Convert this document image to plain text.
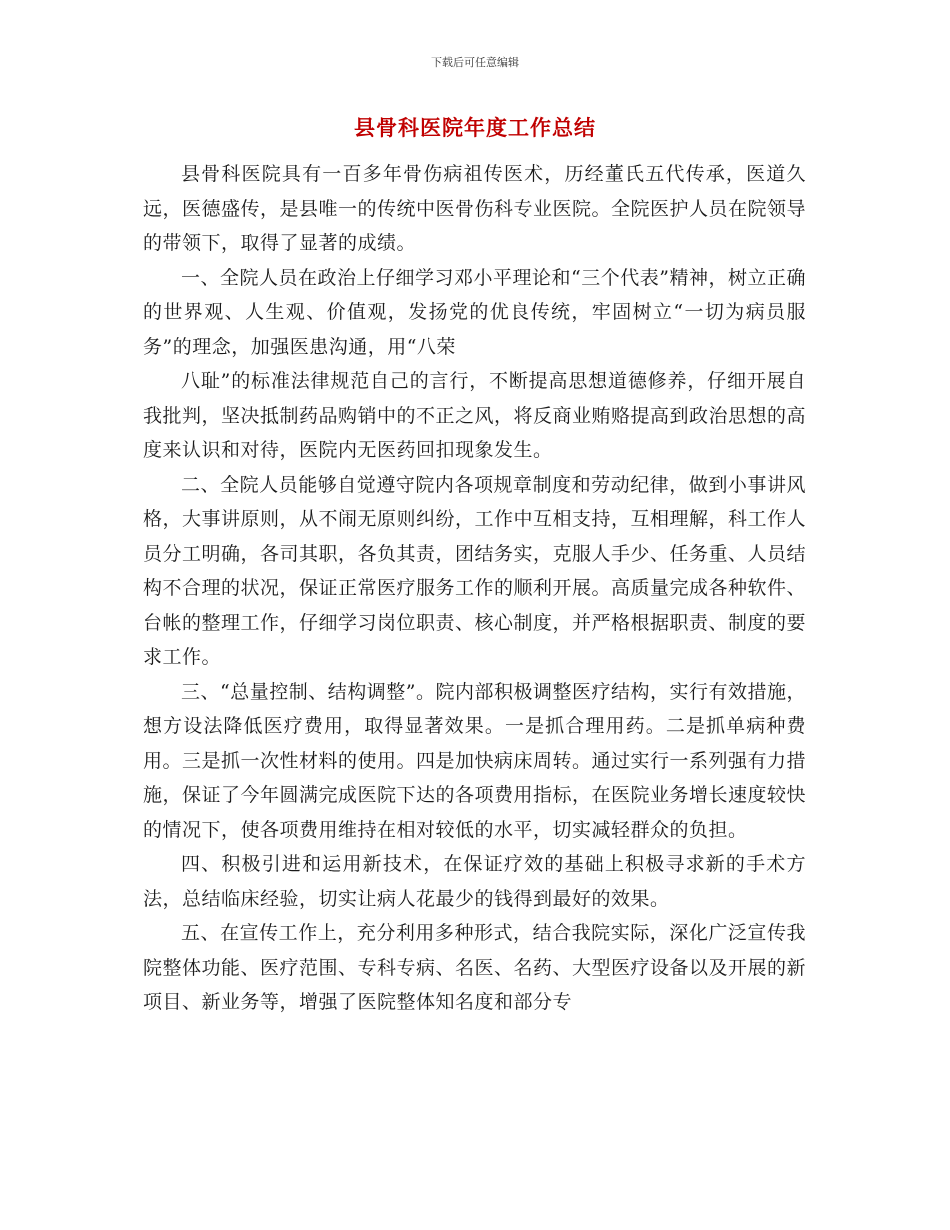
下载后可任意编辑
县骨科医院年度工作总结

县骨科医院具有一百多年骨伤病祖传医术，历经董氏五代传承，医道久远，医德盛传，是县唯一的传统中医骨伤科专业医院。全院医护人员在院领导的带领下，取得了显著的成绩。

一、全院人员在政治上仔细学习邓小平理论和“三个代表”精神，树立正确的世界观、人生观、价值观，发扬党的优良传统，牢固树立“一切为病员服务”的理念，加强医患沟通，用“八荣

八耻”的标准法律规范自己的言行，不断提高思想道德修养，仔细开展自我批判，坚决抵制药品购销中的不正之风，将反商业贿赂提高到政治思想的高度来认识和对待，医院内无医药回扣现象发生。

二、全院人员能够自觉遵守院内各项规章制度和劳动纪律，做到小事讲风格，大事讲原则，从不闹无原则纠纷，工作中互相支持，互相理解，科工作人员分工明确，各司其职，各负其责，团结务实，克服人手少、任务重、人员结构不合理的状况，保证正常医疗服务工作的顺利开展。高质量完成各种软件、台帐的整理工作，仔细学习岗位职责、核心制度，并严格根据职责、制度的要求工作。

三、“总量控制、结构调整”。院内部积极调整医疗结构，实行有效措施，想方设法降低医疗费用，取得显著效果。一是抓合理用药。二是抓单病种费用。三是抓一次性材料的使用。四是加快病床周转。通过实行一系列强有力措施，保证了今年圆满完成医院下达的各项费用指标，在医院业务增长速度较快的情况下，使各项费用维持在相对较低的水平，切实减轻群众的负担。

四、积极引进和运用新技术，在保证疗效的基础上积极寻求新的手术方法，总结临床经验，切实让病人花最少的钱得到最好的效果。

五、在宣传工作上，充分利用多种形式，结合我院实际，深化广泛宣传我院整体功能、医疗范围、专科专病、名医、名药、大型医疗设备以及开展的新项目、新业务等，增强了医院整体知名度和部分专
